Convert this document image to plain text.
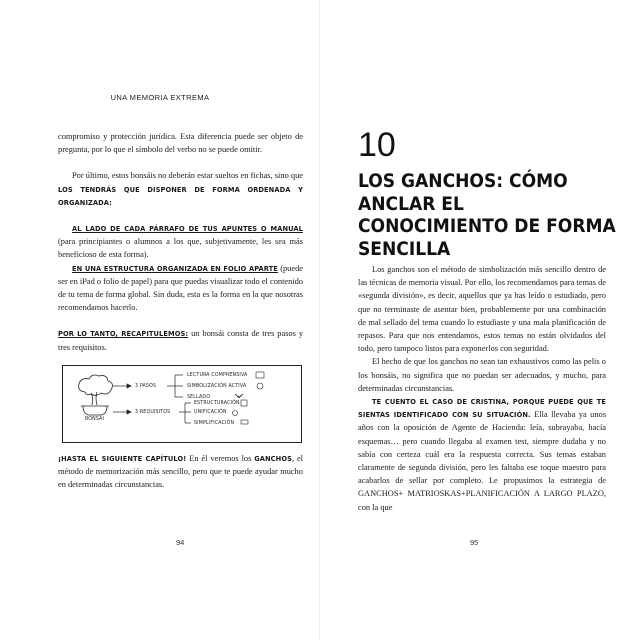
UNA MEMORIA EXTREMA

compromiso y protección jurídica. Esta diferencia puede ser objeto de pregunta, por lo que el símbolo del verbo no se puede omitir.

Por último, estos bonsáis no deberán estar sueltos en fichas, sino que LOS TENDRÁS QUE DISPONER DE FORMA ORDENADA Y ORGANIZADA:

AL LADO DE CADA PÁRRAFO DE TUS APUNTES O MANUAL (para principiantes o alumnos a los que, subjetivamente, les sea más beneficioso de esta forma).

EN UNA ESTRUCTURA ORGANIZADA EN FOLIO APARTE (puede ser en iPad o folio de papel) para que puedas visualizar todo el contenido de tu tema de forma global. Sin duda, esta es la forma en la que nosotras recomendamos hacerlo.

POR LO TANTO, RECAPITULEMOS: un bonsái consta de tres pasos y tres requisitos.

BONSÁI
3 PASOS
LECTURA COMPRENSIVA
SIMBOLIZACIÓN ACTIVA
SELLADO
3 REQUISITOS
ESTRUCTURACIÓN
UNIFICACIÓN
SIMPLIFICACIÓN

¡HASTA EL SIGUIENTE CAPÍTULO! En él veremos los GANCHOS, el método de memorización más sencillo, pero que te puede ayudar mucho en determinadas circunstancias.

94
10
LOS GANCHOS: CÓMO ANCLAR EL CONOCIMIENTO DE FORMA SENCILLA

Los ganchos son el método de simbolización más sencillo dentro de las técnicas de memoria visual. Por ello, los recomendamos para temas de «segunda división», es decir, aquellos que ya has leído o estudiado, pero que no terminaste de asentar bien, probablemente por una combinación de mal sellado del tema cuando lo estudiaste y una mala planificación de repasos. Para que nos entendamos, estos temas no están olvidados del todo, pero tampoco listos para exponerlos con seguridad.

El hecho de que los ganchos no sean tan exhaustivos como las pelis o los bonsáis, no significa que no puedan ser adecuados, y mucho, para determinadas circunstancias.

TE CUENTO EL CASO DE CRISTINA, PORQUE PUEDE QUE TE SIENTAS IDENTIFICADO CON SU SITUACIÓN. Ella llevaba ya unos años con la oposición de Agente de Hacienda: leía, subrayaba, hacía esquemas… pero cuando llegaba al examen test, siempre dudaba y no sabía con certeza cuál era la respuesta correcta. Sus temas estaban claramente de segunda división, pero les faltaba ese toque maestro para acabarlos de sellar por completo. Le propusimos la estrategia de GANCHOS+ MATRIOSKAS+PLANIFICACIÓN A LARGO PLAZO, con la que

95
